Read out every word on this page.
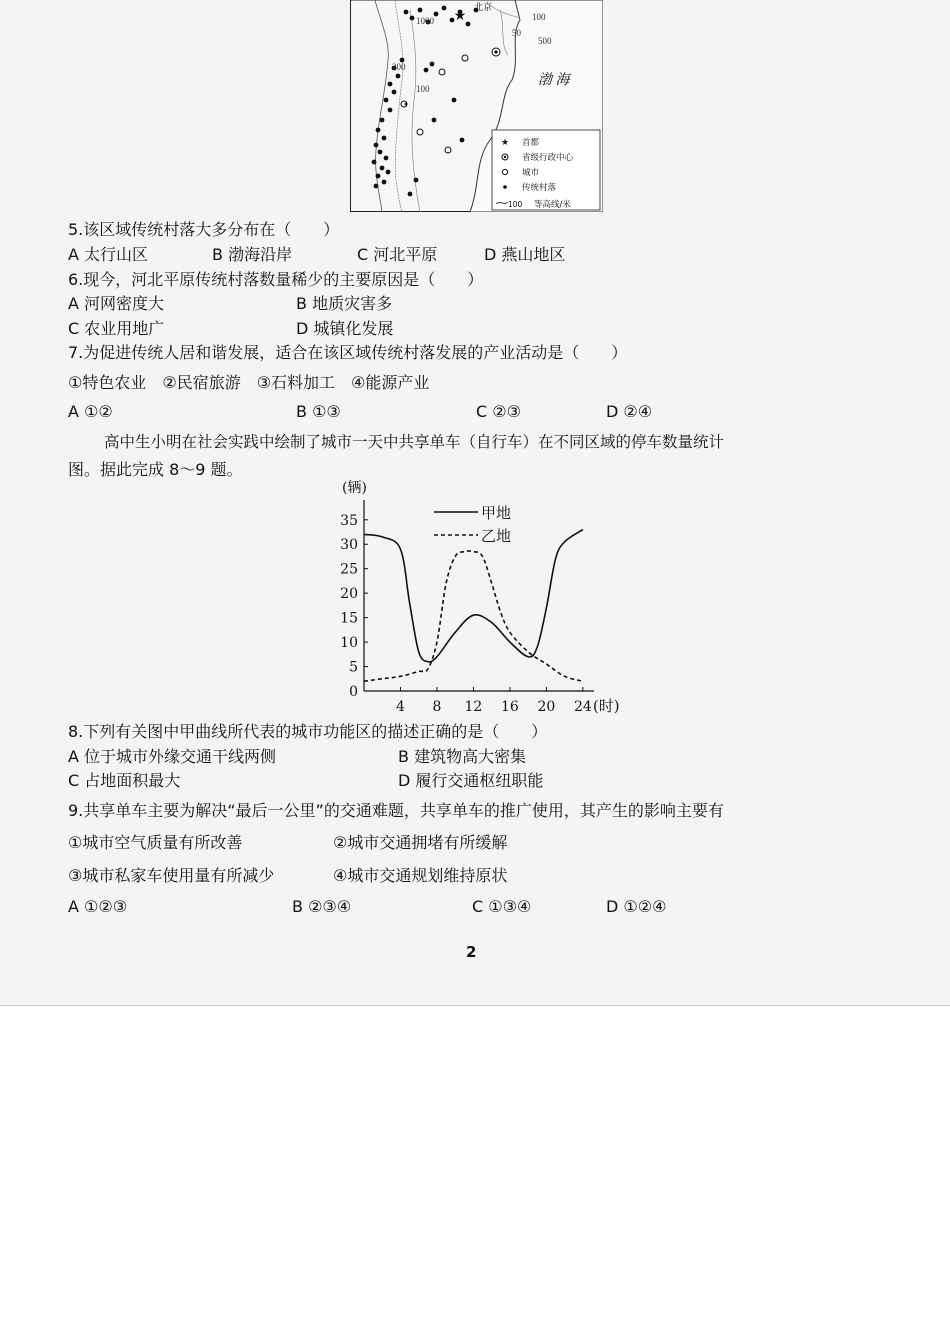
★
北京
1000
500
200
100
100
50
渤 海
★ 首都
省级行政中心
城市
传统村落
100 等高线/米
5.该区域传统村落大多分布在（　　）
A 太行山区	B 渤海沿岸	C 河北平原	D 燕山地区
6.现今，河北平原传统村落数量稀少的主要原因是（　　）
A 河网密度大	B 地质灾害多
C 农业用地广	D 城镇化发展
7.为促进传统人居和谐发展，适合在该区域传统村落发展的产业活动是（　　）
①特色农业　②民宿旅游　③石料加工　④能源产业
A ①②	B ①③	C ②③	D ②④
高中生小明在社会实践中绘制了城市一天中共享单车（自行车）在不同区域的停车数量统计
图。据此完成 8～9 题。
(辆)
(时)
0
5
10
15
20
25
30
35
4 8 12 16 20 24
甲地
乙地
8.下列有关图中甲曲线所代表的城市功能区的描述正确的是（　　）
A 位于城市外缘交通干线两侧	B 建筑物高大密集
C 占地面积最大	D 履行交通枢纽职能
9.共享单车主要为解决“最后一公里”的交通难题，共享单车的推广使用，其产生的影响主要有
①城市空气质量有所改善	②城市交通拥堵有所缓解
③城市私家车使用量有所减少	④城市交通规划维持原状
A ①②③	B ②③④	C ①③④	D ①②④
2
